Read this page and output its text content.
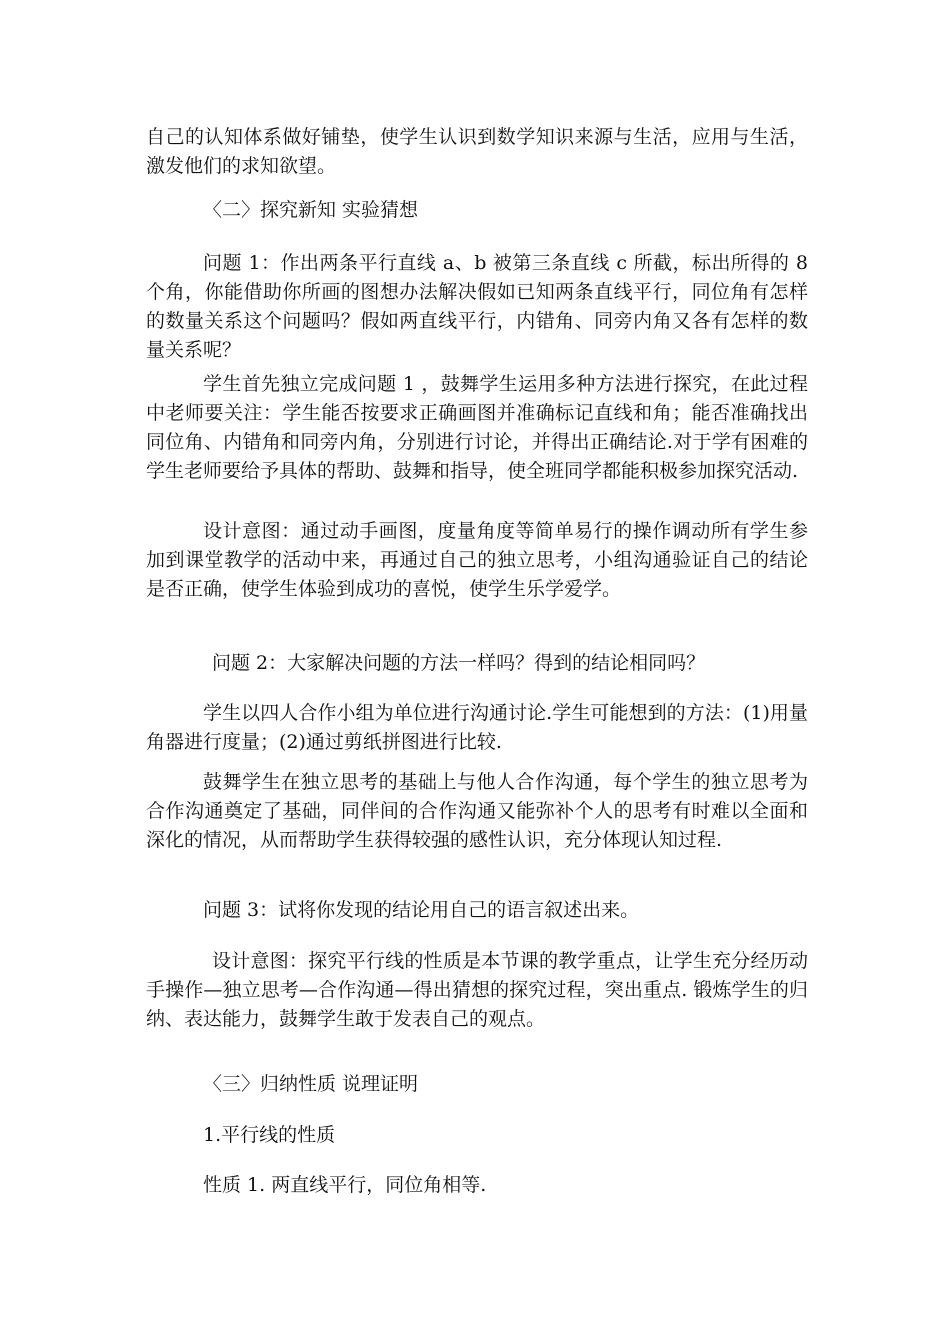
自己的认知体系做好铺垫，使学生认识到数学知识来源与生活，应用与生活，激发他们的求知欲望。

〈二〉探究新知 实验猜想

问题 1：作出两条平行直线 a、b 被第三条直线 c 所截，标出所得的 8 个角，你能借助你所画的图想办法解决假如已知两条直线平行，同位角有怎样的数量关系这个问题吗？假如两直线平行，内错角、同旁内角又各有怎样的数量关系呢？

学生首先独立完成问题 1 ，鼓舞学生运用多种方法进行探究，在此过程中老师要关注：学生能否按要求正确画图并准确标记直线和角；能否准确找出同位角、内错角和同旁内角，分别进行讨论，并得出正确结论.对于学有困难的学生老师要给予具体的帮助、鼓舞和指导，使全班同学都能积极参加探究活动.

设计意图：通过动手画图，度量角度等简单易行的操作调动所有学生参加到课堂教学的活动中来，再通过自己的独立思考，小组沟通验证自己的结论是否正确，使学生体验到成功的喜悦，使学生乐学爱学。

问题 2：大家解决问题的方法一样吗？得到的结论相同吗？

学生以四人合作小组为单位进行沟通讨论.学生可能想到的方法：(1)用量角器进行度量；(2)通过剪纸拼图进行比较.

鼓舞学生在独立思考的基础上与他人合作沟通，每个学生的独立思考为合作沟通奠定了基础，同伴间的合作沟通又能弥补个人的思考有时难以全面和深化的情况，从而帮助学生获得较强的感性认识，充分体现认知过程.

问题 3：试将你发现的结论用自己的语言叙述出来。

设计意图：探究平行线的性质是本节课的教学重点，让学生充分经历动手操作—独立思考—合作沟通—得出猜想的探究过程，突出重点. 锻炼学生的归纳、表达能力，鼓舞学生敢于发表自己的观点。

〈三〉归纳性质 说理证明

1.平行线的性质

性质 1. 两直线平行，同位角相等.
